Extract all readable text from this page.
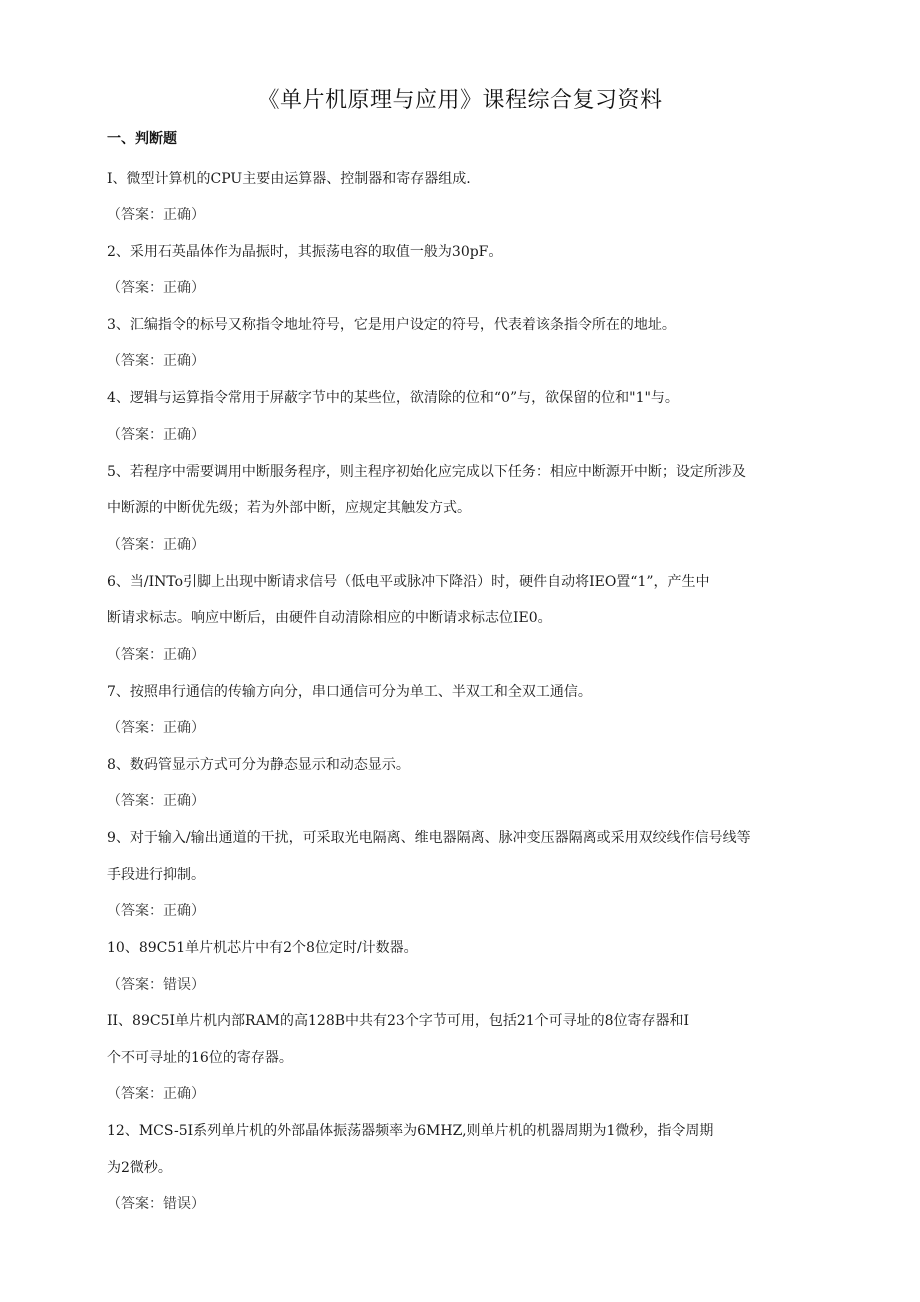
《单片机原理与应用》课程综合复习资料
一、判断题
I、微型计算机的CPU主要由运算器、控制器和寄存器组成.
（答案：正确）
2、采用石英晶体作为晶振时，其振荡电容的取值一般为30pF。
（答案：正确）
3、汇编指令的标号又称指令地址符号，它是用户设定的符号，代表着该条指令所在的地址。
（答案：正确）
4、逻辑与运算指令常用于屏蔽字节中的某些位，欲清除的位和“0”与，欲保留的位和"1"与。
（答案：正确）
5、若程序中需要调用中断服务程序，则主程序初始化应完成以下任务：相应中断源开中断；设定所涉及
中断源的中断优先级；若为外部中断，应规定其触发方式。
（答案：正确）
6、当/INTo引脚上出现中断请求信号（低电平或脉冲下降沿）时，硬件自动将IEO置“1”，产生中
断请求标志。响应中断后，由硬件自动清除相应的中断请求标志位IE0。
（答案：正确）
7、按照串行通信的传输方向分，串口通信可分为单工、半双工和全双工通信。
（答案：正确）
8、数码管显示方式可分为静态显示和动态显示。
（答案：正确）
9、对于输入/输出通道的干扰，可采取光电隔离、维电器隔离、脉冲变压器隔离或采用双绞线作信号线等
手段进行抑制。
（答案：正确）
10、89C51单片机芯片中有2个8位定时/计数器。
（答案：错误）
II、89C5I单片机内部RAM的高128B中共有23个字节可用，包括21个可寻址的8位寄存器和I
个不可寻址的16位的寄存器。
（答案：正确）
12、MCS-5I系列单片机的外部晶体振荡器频率为6MHZ,则单片机的机器周期为1微秒，指令周期
为2微秒。
（答案：错误）
